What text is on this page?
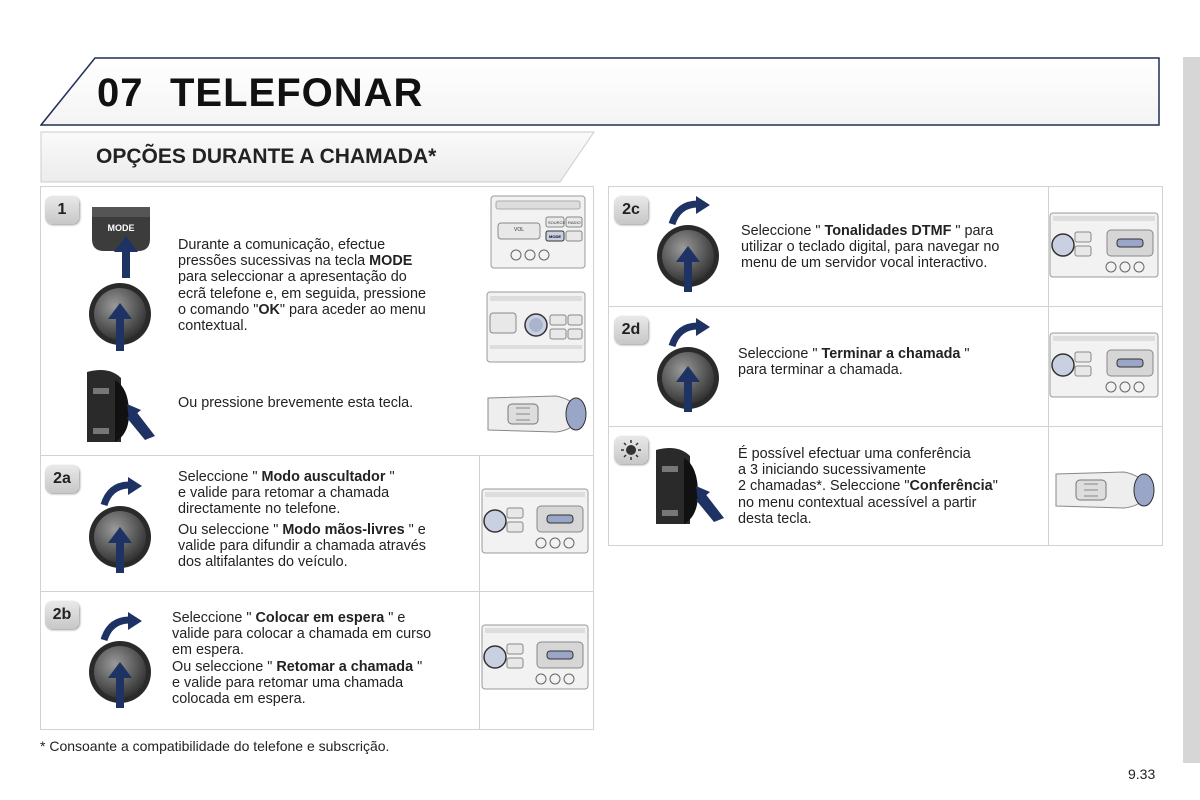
07 TELEFONAR
OPÇÕES DURANTE A CHAMADA*
1
MODE

Durante a comunicação, efectue

pressões sucessivas na tecla MODE

para seleccionar a apresentação do

ecrã telefone e, em seguida, pressione

o comando "OK" para aceder ao menu

contextual.

VOL
SOURCE RADIO
MODE
Ou pressione brevemente esta tecla.
2a	Seleccione " Modo auscultador "

e valide para retomar a chamada

directamente no telefone.

Ou seleccione " Modo mãos-livres " e

valide para difundir a chamada através

dos altifalantes do veículo.

2b	Seleccione " Colocar em espera " e

valide para colocar a chamada em curso

em espera.

Ou seleccione " Retomar a chamada "

e valide para retomar uma chamada

colocada em espera.

2c

Seleccione " Tonalidades DTMF " para

utilizar o teclado digital, para navegar no

menu de um servidor vocal interactivo.

2d

Seleccione " Terminar a chamada "

para terminar a chamada.

É possível efectuar uma conferência

a 3 iniciando sucessivamente

2 chamadas*. Seleccione "Conferência"

no menu contextual acessível a partir

desta tecla.

* Consoante a compatibilidade do telefone e subscrição.
9.33
